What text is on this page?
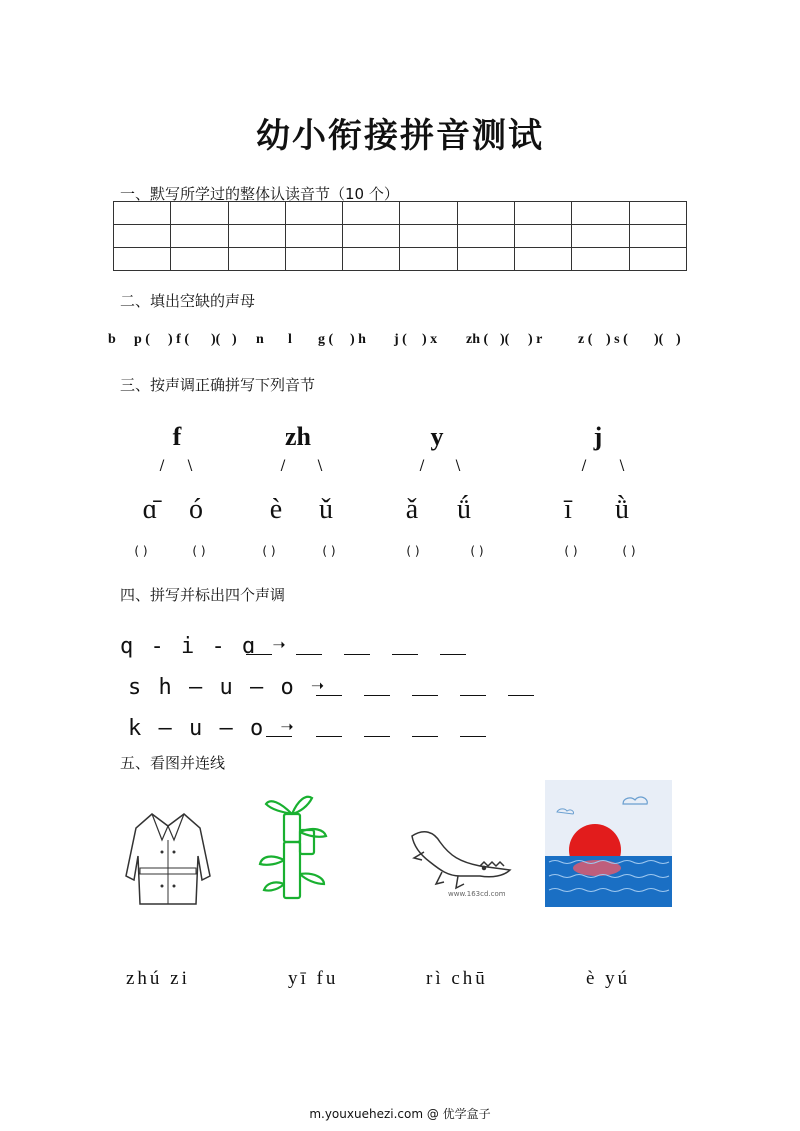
幼小衔接拼音测试
一、默写所学过的整体认读音节（10 个）

二、填出空缺的声母
b p ( ) f ( )( ) n l g ( ) h j ( ) x zh ( )( ) r	z ( ) s ( )( )
三、按声调正确拼写下列音节
f
/ \
ɑ̄	ó
( )	( )
zh
/ \
è	ǔ
( )	( )
y
/ \
ǎ	ǘ
( )	( )
j
/ \
ī	ǜ
( )	( )
四、拼写并标出四个声调
q - i - ɑ ➝
s h — u — o ➝
k — u — o ➝
五、看图并连线
www.163cd.com
zhú zi	yī fu	rì chū	è yú
m.youxuehezi.com @ 优学盒子
